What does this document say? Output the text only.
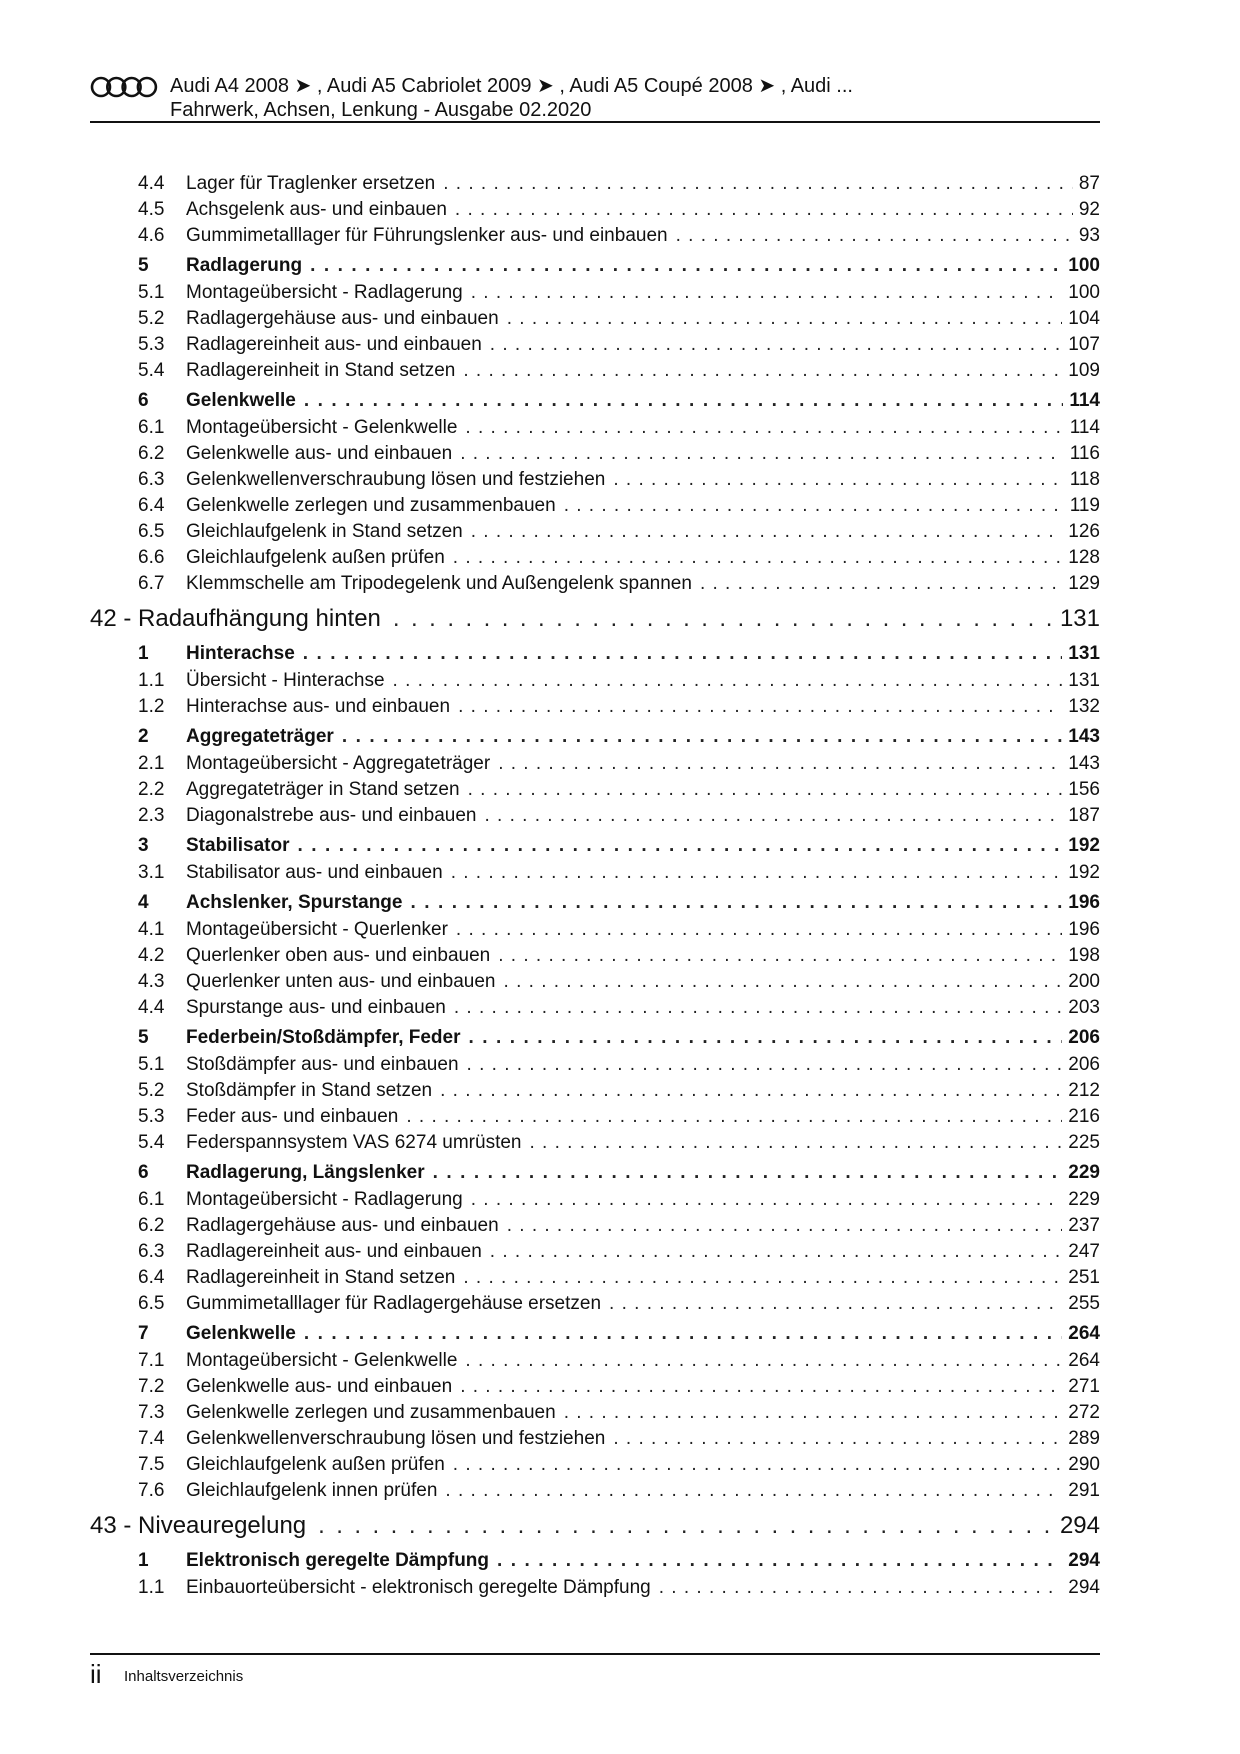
Audi A4 2008 ➤ , Audi A5 Cabriolet 2009 ➤ , Audi A5 Coupé 2008 ➤ , Audi ...
Fahrwerk, Achsen, Lenkung - Ausgabe 02.2020
4.4	Lager für Traglenker ersetzen . . .	87
4.5	Achsgelenk aus- und einbauen . . .	92
4.6	Gummimetalllager für Führungslenker aus- und einbauen . . .	93
5	Radlagerung . . .	100
5.1	Montageübersicht - Radlagerung . . .	100
5.2	Radlagergehäuse aus- und einbauen . . .	104
5.3	Radlagereinheit aus- und einbauen . . .	107
5.4	Radlagereinheit in Stand setzen . . .	109
6	Gelenkwelle . . .	114
6.1	Montageübersicht - Gelenkwelle . . .	114
6.2	Gelenkwelle aus- und einbauen . . .	116
6.3	Gelenkwellenverschraubung lösen und festziehen . . .	118
6.4	Gelenkwelle zerlegen und zusammenbauen . . .	119
6.5	Gleichlaufgelenk in Stand setzen . . .	126
6.6	Gleichlaufgelenk außen prüfen . . .	128
6.7	Klemmschelle am Tripodegelenk und Außengelenk spannen . . .	129
42 - Radaufhängung hinten . . .	131
1	Hinterachse . . .	131
1.1	Übersicht - Hinterachse . . .	131
1.2	Hinterachse aus- und einbauen . . .	132
2	Aggregateträger . . .	143
2.1	Montageübersicht - Aggregateträger . . .	143
2.2	Aggregateträger in Stand setzen . . .	156
2.3	Diagonalstrebe aus- und einbauen . . .	187
3	Stabilisator . . .	192
3.1	Stabilisator aus- und einbauen . . .	192
4	Achslenker, Spurstange . . .	196
4.1	Montageübersicht - Querlenker . . .	196
4.2	Querlenker oben aus- und einbauen . . .	198
4.3	Querlenker unten aus- und einbauen . . .	200
4.4	Spurstange aus- und einbauen . . .	203
5	Federbein/Stoßdämpfer, Feder . . .	206
5.1	Stoßdämpfer aus- und einbauen . . .	206
5.2	Stoßdämpfer in Stand setzen . . .	212
5.3	Feder aus- und einbauen . . .	216
5.4	Federspannsystem VAS 6274 umrüsten . . .	225
6	Radlagerung, Längslenker . . .	229
6.1	Montageübersicht - Radlagerung . . .	229
6.2	Radlagergehäuse aus- und einbauen . . .	237
6.3	Radlagereinheit aus- und einbauen . . .	247
6.4	Radlagereinheit in Stand setzen . . .	251
6.5	Gummimetalllager für Radlagergehäuse ersetzen . . .	255
7	Gelenkwelle . . .	264
7.1	Montageübersicht - Gelenkwelle . . .	264
7.2	Gelenkwelle aus- und einbauen . . .	271
7.3	Gelenkwelle zerlegen und zusammenbauen . . .	272
7.4	Gelenkwellenverschraubung lösen und festziehen . . .	289
7.5	Gleichlaufgelenk außen prüfen . . .	290
7.6	Gleichlaufgelenk innen prüfen . . .	291
43 - Niveauregelung . . .	294
1	Elektronisch geregelte Dämpfung . . .	294
1.1	Einbauorteübersicht - elektronisch geregelte Dämpfung . . .	294
ii Inhaltsverzeichnis
